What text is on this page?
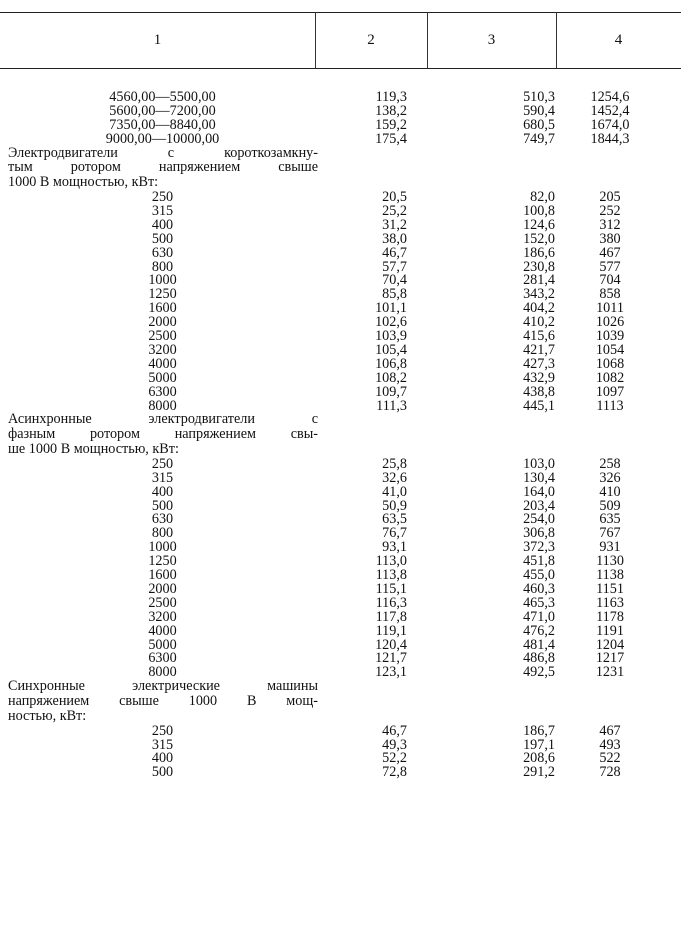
1	2	3	4
4560,00—5500,00	119,3	510,3	1254,6
5600,00—7200,00	138,2	590,4	1452,4
7350,00—8840,00	159,2	680,5	1674,0
9000,00—10000,00	175,4	749,7	1844,3
Электродвигатели с короткозамкну-
тым ротором напряжением свыше
1000 В мощностью, кВт:
250	20,5	82,0	205
315	25,2	100,8	252
400	31,2	124,6	312
500	38,0	152,0	380
630	46,7	186,6	467
800	57,7	230,8	577
1000	70,4	281,4	704
1250	85,8	343,2	858
1600	101,1	404,2	1011
2000	102,6	410,2	1026
2500	103,9	415,6	1039
3200	105,4	421,7	1054
4000	106,8	427,3	1068
5000	108,2	432,9	1082
6300	109,7	438,8	1097
8000	111,3	445,1	1113
Асинхронные электродвигатели с
фазным ротором напряжением свы-
ше 1000 В мощностью, кВт:
250	25,8	103,0	258
315	32,6	130,4	326
400	41,0	164,0	410
500	50,9	203,4	509
630	63,5	254,0	635
800	76,7	306,8	767
1000	93,1	372,3	931
1250	113,0	451,8	1130
1600	113,8	455,0	1138
2000	115,1	460,3	1151
2500	116,3	465,3	1163
3200	117,8	471,0	1178
4000	119,1	476,2	1191
5000	120,4	481,4	1204
6300	121,7	486,8	1217
8000	123,1	492,5	1231
Синхронные электрические машины
напряжением свыше 1000 В мощ-
ностью, кВт:
250	46,7	186,7	467
315	49,3	197,1	493
400	52,2	208,6	522
500	72,8	291,2	728
